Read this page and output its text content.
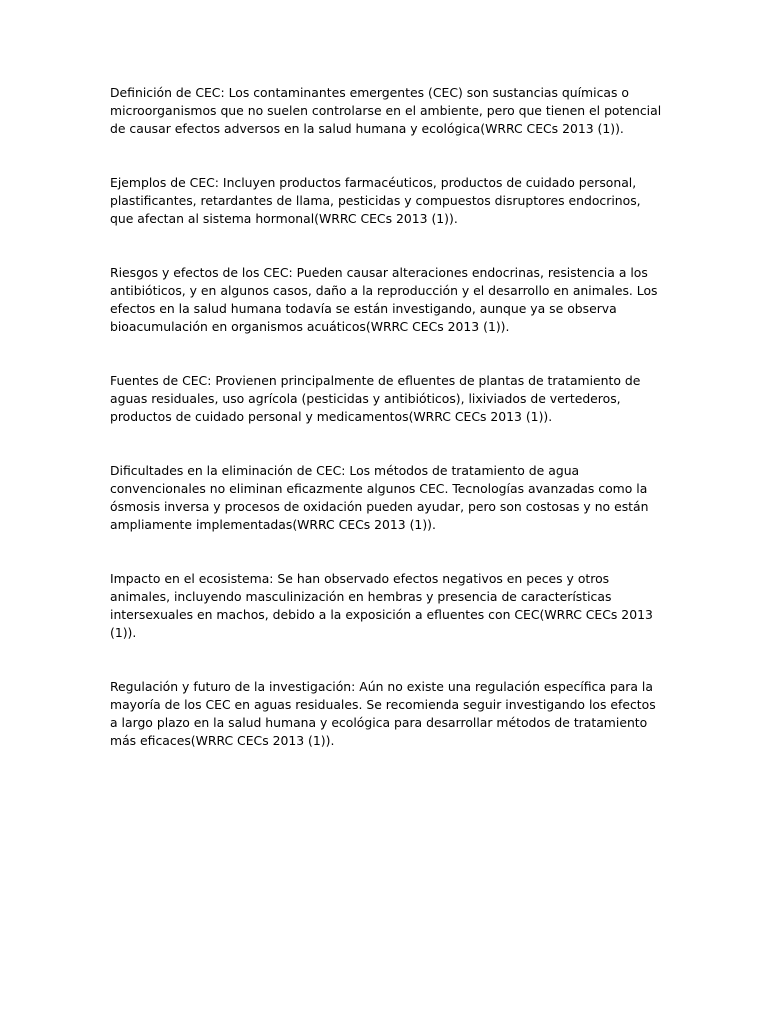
Definición de CEC: Los contaminantes emergentes (CEC) son sustancias químicas o microorganismos que no suelen controlarse en el ambiente, pero que tienen el potencial de causar efectos adversos en la salud humana y ecológica(WRRC CECs 2013 (1)).

Ejemplos de CEC: Incluyen productos farmacéuticos, productos de cuidado personal, plastificantes, retardantes de llama, pesticidas y compuestos disruptores endocrinos, que afectan al sistema hormonal(WRRC CECs 2013 (1)).

Riesgos y efectos de los CEC: Pueden causar alteraciones endocrinas, resistencia a los antibióticos, y en algunos casos, daño a la reproducción y el desarrollo en animales. Los efectos en la salud humana todavía se están investigando, aunque ya se observa bioacumulación en organismos acuáticos(WRRC CECs 2013 (1)).

Fuentes de CEC: Provienen principalmente de efluentes de plantas de tratamiento de aguas residuales, uso agrícola (pesticidas y antibióticos), lixiviados de vertederos, productos de cuidado personal y medicamentos(WRRC CECs 2013 (1)).

Dificultades en la eliminación de CEC: Los métodos de tratamiento de agua convencionales no eliminan eficazmente algunos CEC. Tecnologías avanzadas como la ósmosis inversa y procesos de oxidación pueden ayudar, pero son costosas y no están ampliamente implementadas(WRRC CECs 2013 (1)).

Impacto en el ecosistema: Se han observado efectos negativos en peces y otros animales, incluyendo masculinización en hembras y presencia de características intersexuales en machos, debido a la exposición a efluentes con CEC(WRRC CECs 2013 (1)).

Regulación y futuro de la investigación: Aún no existe una regulación específica para la mayoría de los CEC en aguas residuales. Se recomienda seguir investigando los efectos a largo plazo en la salud humana y ecológica para desarrollar métodos de tratamiento más eficaces(WRRC CECs 2013 (1)).
